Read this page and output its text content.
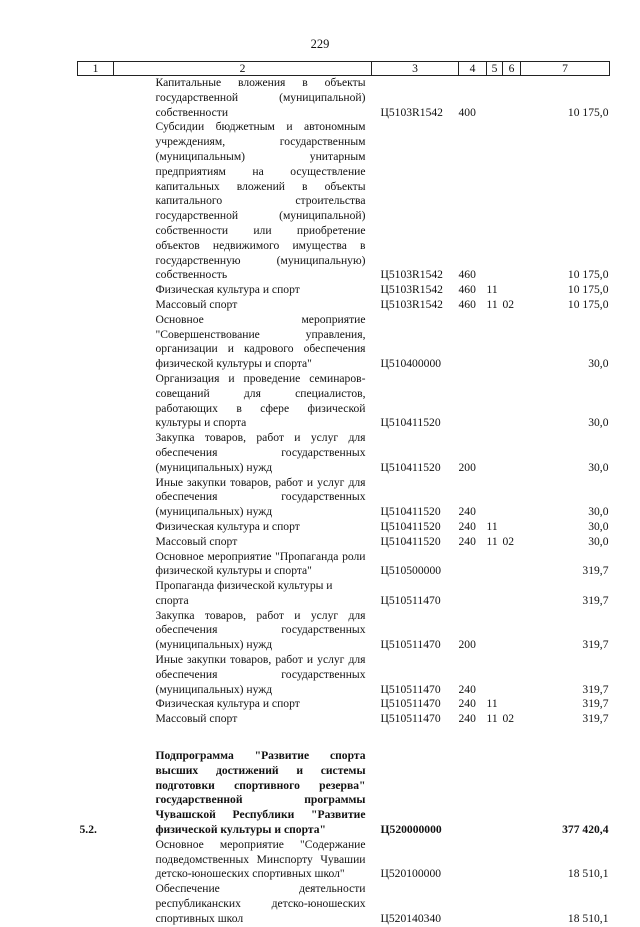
229
1	2	3	4	5	6	7
	Капитальные вложения в объекты государственной (муниципальной) собственности	Ц5103R1542	400			10 175,0
	Субсидии бюджетным и автономным учреждениям, государственным (муниципальным) унитарным предприятиям на осуществление капитальных вложений в объекты капитального строительства государственной (муниципальной) собственности или приобретение объектов недвижимого имущества в государственную (муниципальную) собственность	Ц5103R1542	460			10 175,0
	Физическая культура и спорт	Ц5103R1542	460	11		10 175,0
	Массовый спорт	Ц5103R1542	460	11	02	10 175,0
	Основное мероприятие "Совершенствование управления, организации и кадрового обеспечения физической культуры и спорта"	Ц510400000				30,0
	Организация и проведение семинаров-совещаний для специалистов, работающих в сфере физической культуры и спорта	Ц510411520				30,0
	Закупка товаров, работ и услуг для обеспечения государственных (муниципальных) нужд	Ц510411520	200			30,0
	Иные закупки товаров, работ и услуг для обеспечения государственных (муниципальных) нужд	Ц510411520	240			30,0
	Физическая культура и спорт	Ц510411520	240	11		30,0
	Массовый спорт	Ц510411520	240	11	02	30,0
	Основное мероприятие "Пропаганда роли физической культуры и спорта"	Ц510500000				319,7
	Пропаганда физической культуры и спорта	Ц510511470				319,7
	Закупка товаров, работ и услуг для обеспечения государственных (муниципальных) нужд	Ц510511470	200			319,7
	Иные закупки товаров, работ и услуг для обеспечения государственных (муниципальных) нужд	Ц510511470	240			319,7
	Физическая культура и спорт	Ц510511470	240	11		319,7
	Массовый спорт	Ц510511470	240	11	02	319,7

5.2.	Подпрограмма "Развитие спорта высших достижений и системы подготовки спортивного резерва" государственной программы Чувашской Республики "Развитие физической культуры и спорта"	Ц520000000				377 420,4
	Основное мероприятие "Содержание подведомственных Минспорту Чувашии детско-юношеских спортивных школ"	Ц520100000				18 510,1
	Обеспечение деятельности республиканских детско-юношеских спортивных школ	Ц520140340				18 510,1
